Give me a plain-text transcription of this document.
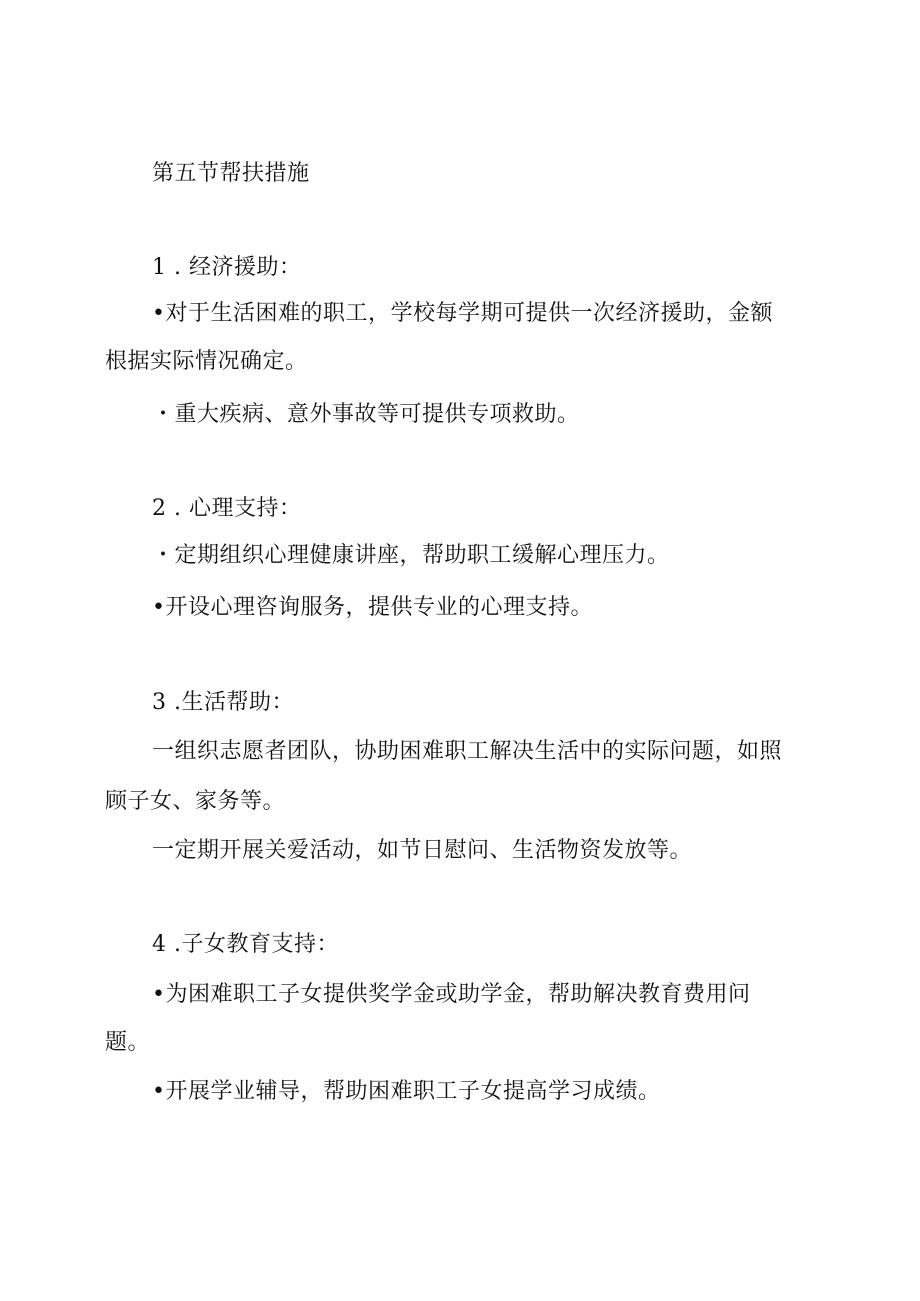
第五节帮扶措施
1 . 经济援助：
•对于生活困难的职工，学校每学期可提供一次经济援助，金额
根据实际情况确定。
・重大疾病、意外事故等可提供专项救助。
2 . 心理支持：
・定期组织心理健康讲座，帮助职工缓解心理压力。
•开设心理咨询服务，提供专业的心理支持。
3 .生活帮助：
一组织志愿者团队，协助困难职工解决生活中的实际问题，如照
顾子女、家务等。
一定期开展关爱活动，如节日慰问、生活物资发放等。
4 .子女教育支持：
•为困难职工子女提供奖学金或助学金，帮助解决教育费用问
题。
•开展学业辅导，帮助困难职工子女提高学习成绩。
